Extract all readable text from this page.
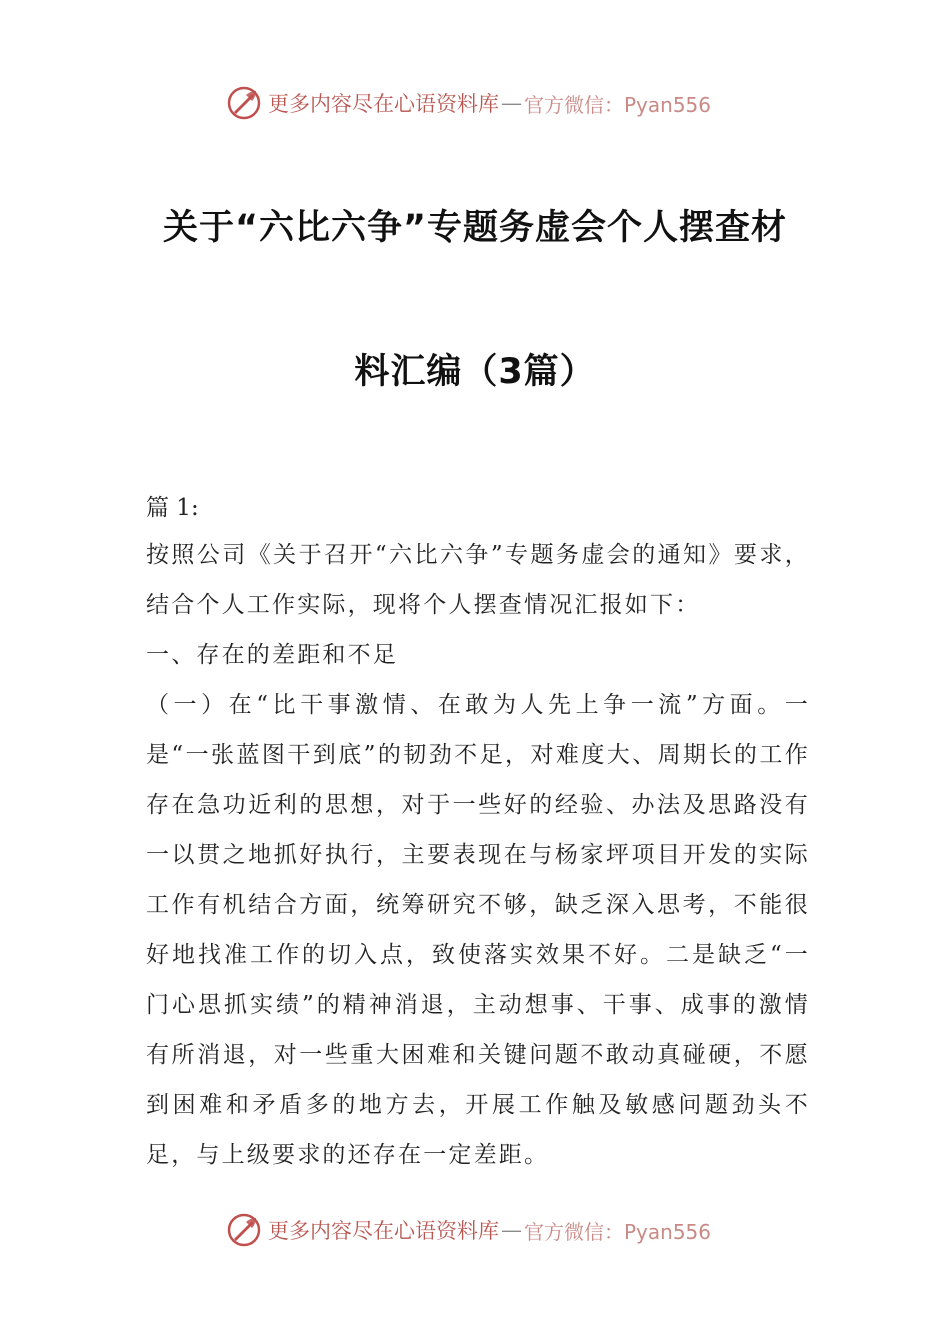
更多内容尽在心语资料库 — 官方微信：Pyan556
关于“六比六争”专题务虚会个人摆查材
料汇编（3篇）
篇 1:
按照公司《关于召开“六比六争”专题务虚会的通知》要求，结合个人工作实际，现将个人摆查情况汇报如下：
一、存在的差距和不足
（一）在“比干事激情、在敢为人先上争一流”方面。一是“一张蓝图干到底”的韧劲不足，对难度大、周期长的工作存在急功近利的思想，对于一些好的经验、办法及思路没有一以贯之地抓好执行，主要表现在与杨家坪项目开发的实际工作有机结合方面，统筹研究不够，缺乏深入思考，不能很好地找准工作的切入点，致使落实效果不好。二是缺乏“一门心思抓实绩”的精神消退，主动想事、干事、成事的激情有所消退，对一些重大困难和关键问题不敢动真碰硬，不愿到困难和矛盾多的地方去，开展工作触及敏感问题劲头不足，与上级要求的还存在一定差距。
更多内容尽在心语资料库 — 官方微信：Pyan556
